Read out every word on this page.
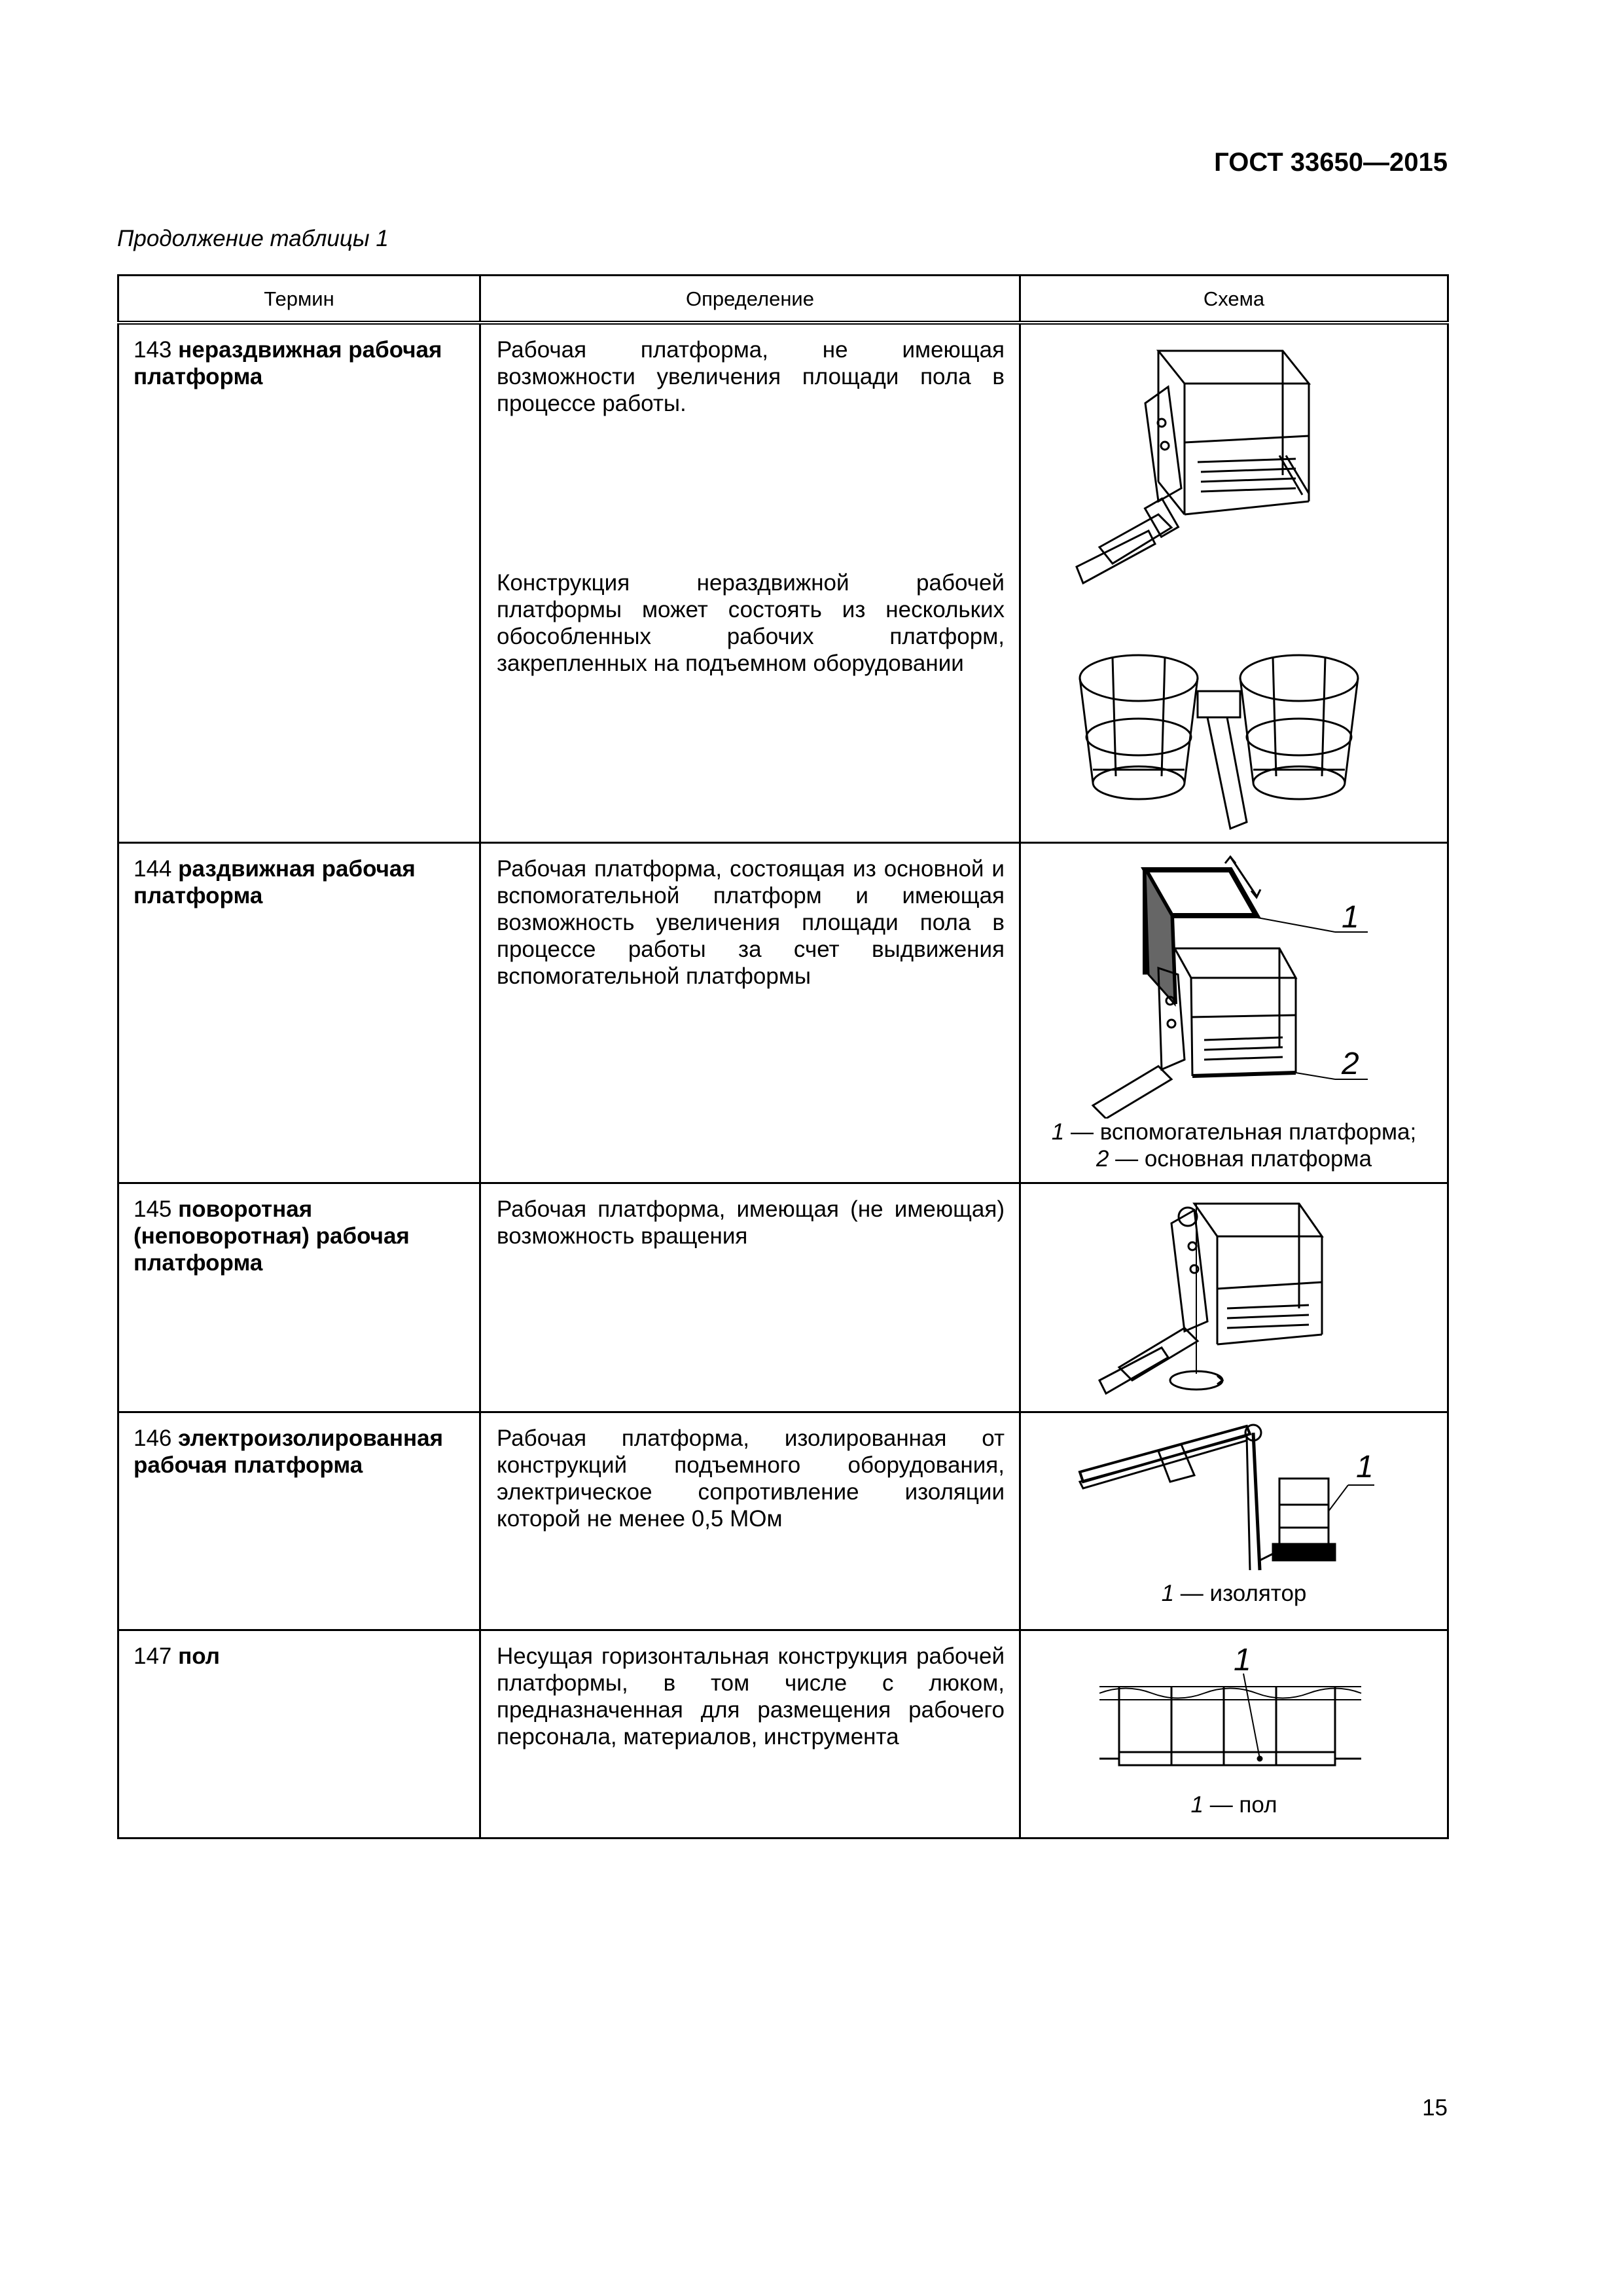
ГОСТ 33650—2015
Продолжение таблицы 1
Термин	Определение	Схема
143 нераздвижная рабочая платформа	Рабочая платформа, не имеющая возможности увеличения площади пола в процессе работы.

Конструкция нераздвижной рабочей платформы может состоять из нескольких обособленных рабочих платформ, закрепленных на подъемном оборудовании

144 раздвижная рабочая платформа	Рабочая платформа, состоящая из основной и вспомогательной платформ и имеющая возможность увеличения площади пола в процессе работы за счет выдвижения вспомогательной платформы	1
2
1 — вспомогательная платформа;
2 — основная платформа

145 поворотная (неповоротная) рабочая платформа	Рабочая платформа, имеющая (не имеющая) возможность вращения

146 электроизолированная рабочая платформа	Рабочая платформа, изолированная от конструкций подъемного оборудования, электрическое сопротивление изоляции которой не менее 0,5 МОм	1
1 — изолятор

147 пол	Несущая горизонтальная конструкция рабочей платформы, в том числе с люком, предназначенная для размещения рабочего персонала, материалов, инструмента	1
1 — пол
15
